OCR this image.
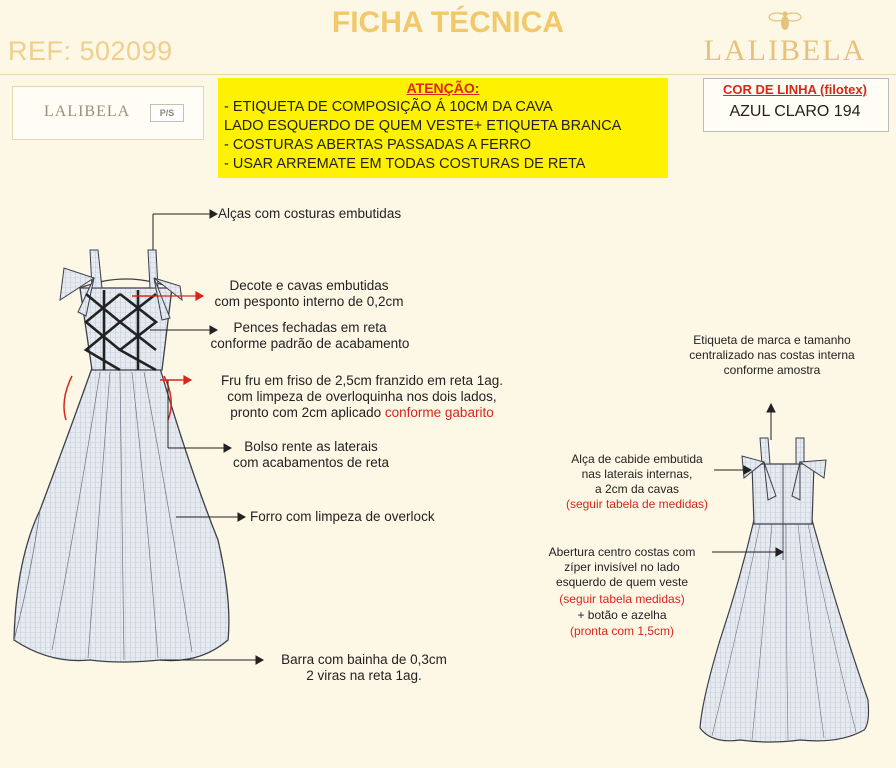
FICHA TÉCNICA
REF: 502099	LALIBELA
LALIBELA	P/S
ATENÇÃO:
- ETIQUETA DE COMPOSIÇÃO Á 10CM DA CAVA
LADO ESQUERDO DE QUEM VESTE+ ETIQUETA BRANCA
- COSTURAS ABERTAS PASSADAS A FERRO
- USAR ARREMATE EM TODAS COSTURAS DE RETA
COR DE LINHA (filotex)
AZUL CLARO 194
Alças com costuras embutidas
Decote e cavas embutidas
com pesponto interno de 0,2cm
Pences fechadas em reta
conforme padrão de acabamento
Fru fru em friso de 2,5cm franzido em reta 1ag.
com limpeza de overloquinha nos dois lados,
pronto com 2cm aplicado conforme gabarito
Bolso rente as laterais
com acabamentos de reta
Forro com limpeza de overlock
Barra com bainha de 0,3cm
2 viras na reta 1ag.
Etiqueta de marca e tamanho
centralizado nas costas interna
conforme amostra
Alça de cabide embutida
nas laterais internas,
a 2cm da cavas
(seguir tabela de medidas)
Abertura centro costas com
zíper invisível no lado
esquerdo de quem veste
(seguir tabela medidas)
+ botão e azelha
(pronta com 1,5cm)
